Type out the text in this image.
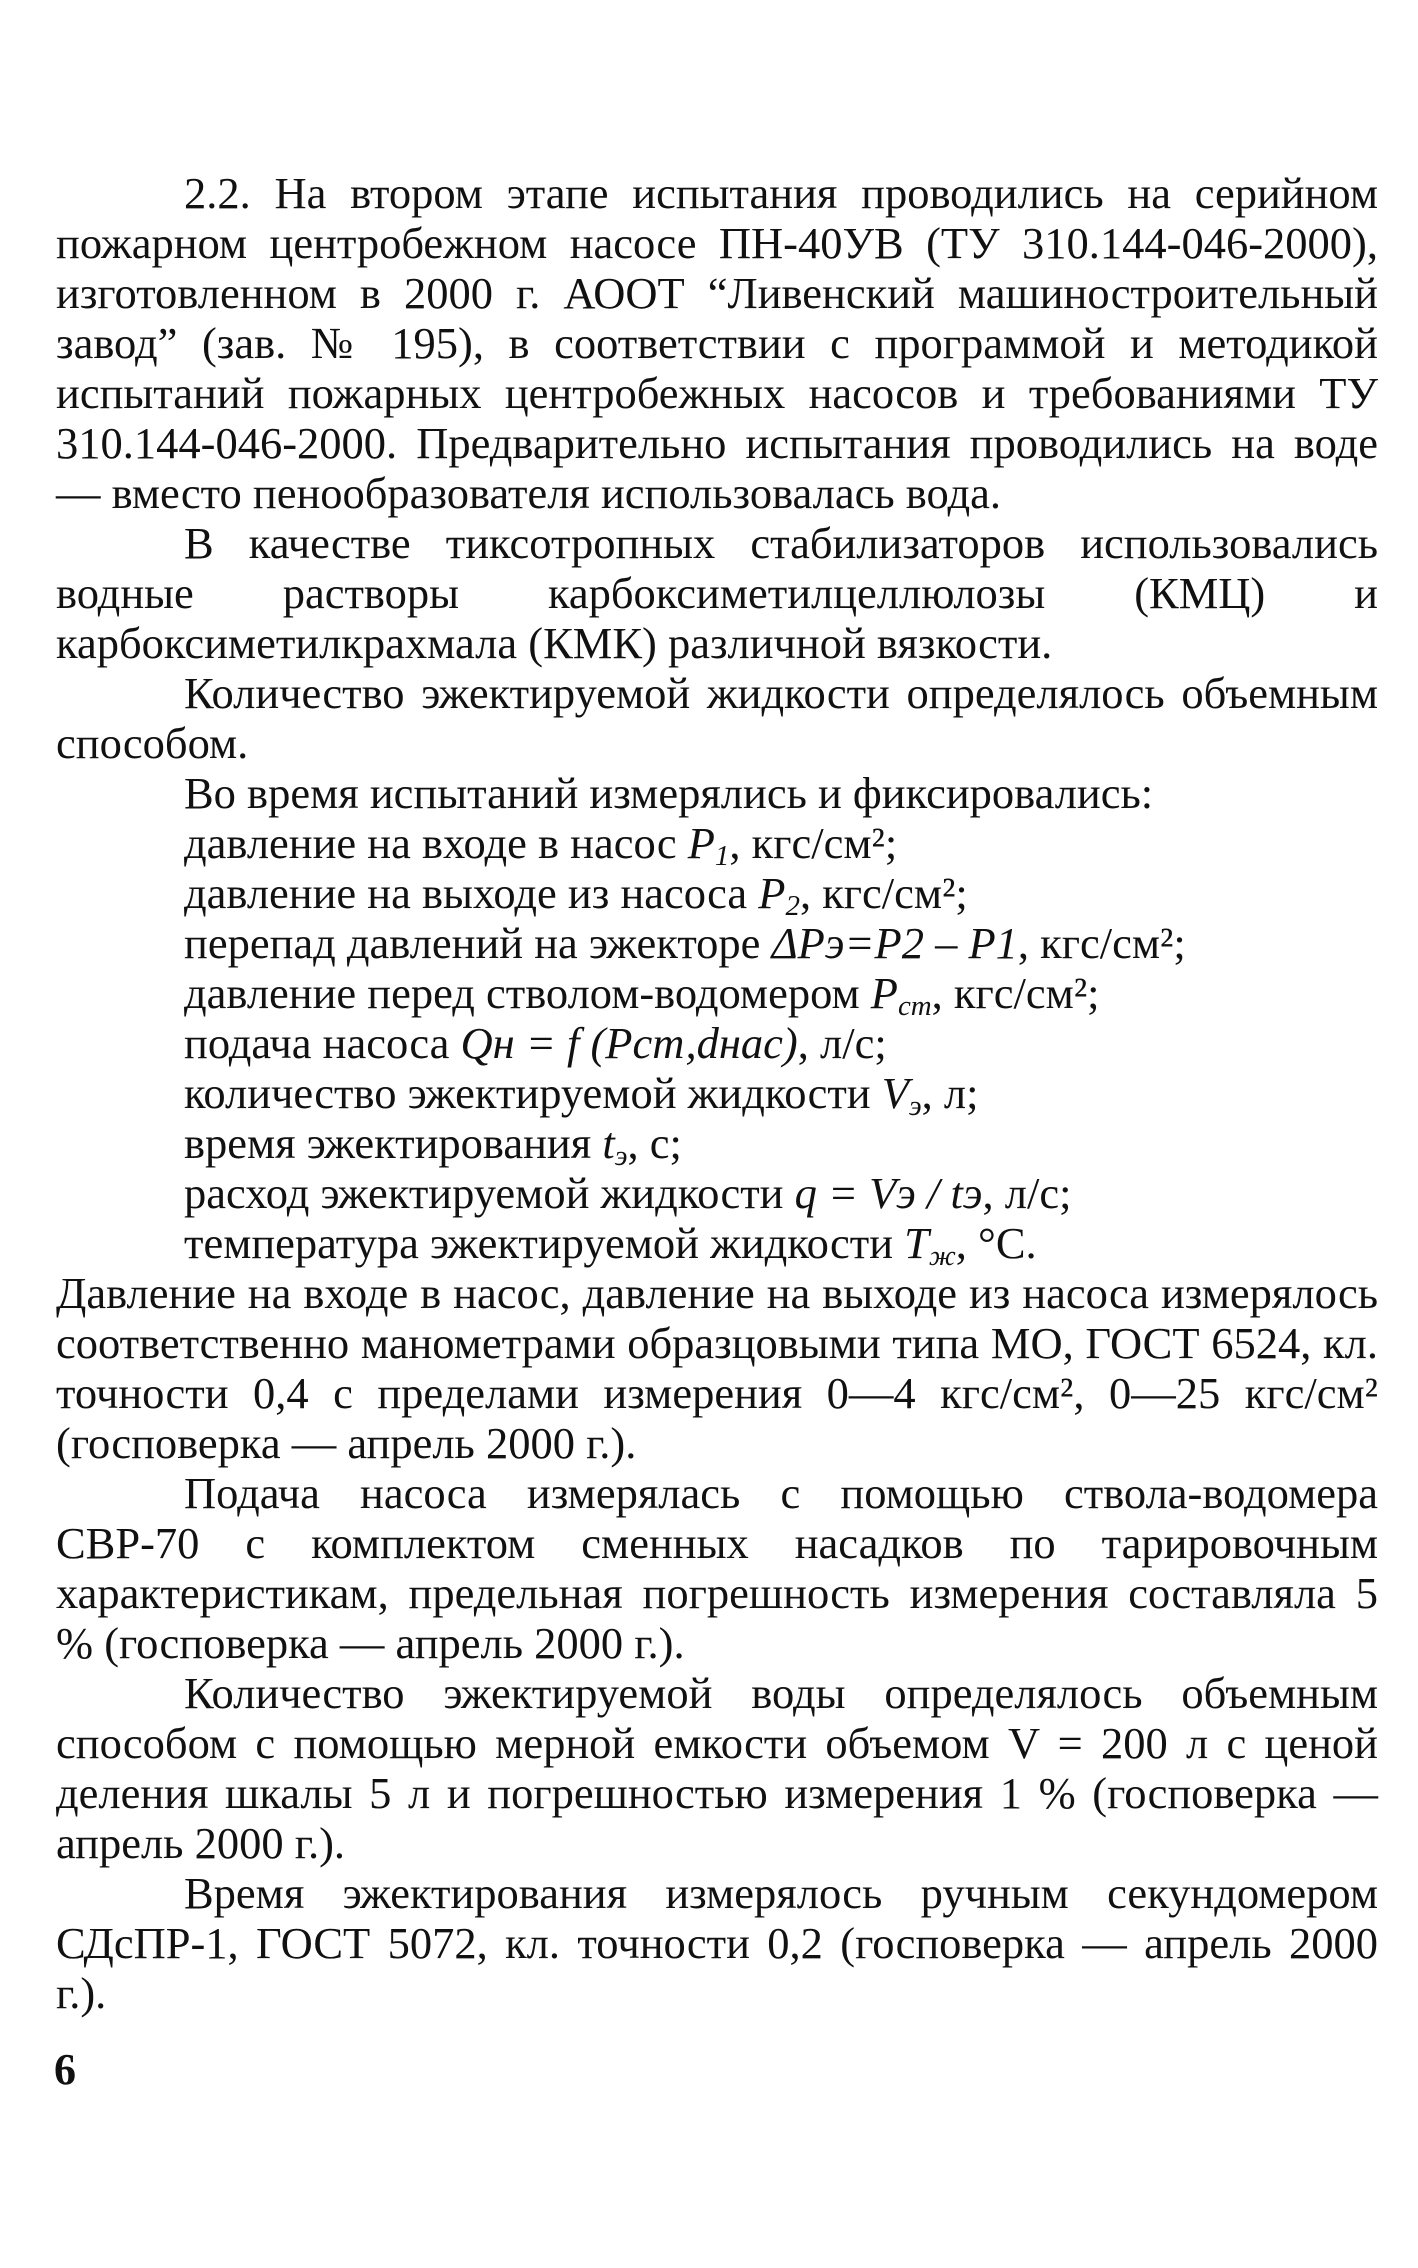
2.2. На втором этапе испытания проводились на серийном пожарном центробежном насосе ПН-40УВ (ТУ 310.144-046-2000), изготовленном в 2000 г. АООТ “Ливенский машиностроительный завод” (зав. № 195), в соответствии с программой и методикой испытаний пожарных центробежных насосов и требованиями ТУ 310.144-046-2000. Предварительно испытания проводились на воде — вместо пенообразователя использовалась вода.

В качестве тиксотропных стабилизаторов использовались водные растворы карбоксиметилцеллюлозы (КМЦ) и карбоксиметилкрахмала (КМК) различной вязкости.

Количество эжектируемой жидкости определялось объемным способом.

Во время испытаний измерялись и фиксировались:

давление на входе в насос $P_1$, кгс/см²;
давление на выходе из насоса $P_2$, кгс/см²;
перепад давлений на эжекторе ΔPэ=P2 – P1, кгс/см²;
давление перед стволом-водомером $P_{ст}$, кгс/см²;
подача насоса Qн = f (Pст,dнас), л/с;
количество эжектируемой жидкости $V_э$, л;
время эжектирования $t_э$, с;
расход эжектируемой жидкости q = Vэ / tэ, л/с;
температура эжектируемой жидкости $T_ж$, °С.

Давление на входе в насос, давление на выходе из насоса измерялось соответственно манометрами образцовыми типа МО, ГОСТ 6524, кл. точности 0,4 с пределами измерения 0—4 кгс/см², 0—25 кгс/см² (госповерка — апрель 2000 г.).

Подача насоса измерялась с помощью ствола-водомера СВР-70 с комплектом сменных насадков по тарировочным характеристикам, предельная погрешность измерения составляла 5 % (госповерка — апрель 2000 г.).

Количество эжектируемой воды определялось объемным способом с помощью мерной емкости объемом V = 200 л с ценой деления шкалы 5 л и погрешностью измерения 1 % (госповерка — апрель 2000 г.).

Время эжектирования измерялось ручным секундомером СДсПР-1, ГОСТ 5072, кл. точности 0,2 (госповерка — апрель 2000 г.).

6
